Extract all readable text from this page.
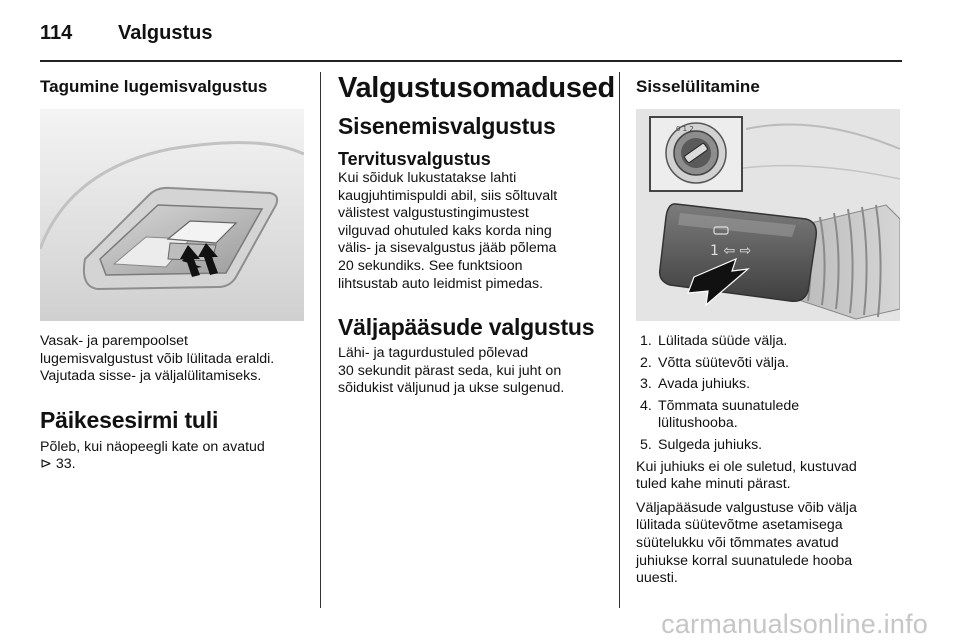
114 Valgustus
Tagumine lugemisvalgustus
Vasak- ja parempoolset
lugemisvalgustust võib lülitada eraldi.
Vajutada sisse- ja väljalülitamiseks.
Päikesesirmi tuli
Põleb, kui näopeegli kate on avatud
⊳ 33.
Valgustusomadused
Sisenemisvalgustus
Tervitusvalgustus
Kui sõiduk lukustatakse lahti
kaugjuhtimispuldi abil, siis sõltuvalt
välistest valgustustingimustest
vilguvad ohutuled kaks korda ning
välis- ja sisevalgustus jääb põlema
20 sekundiks. See funktsioon
lihtsustab auto leidmist pimedas.
Väljapääsude valgustus
Lähi- ja tagurdustuled põlevad
30 sekundit pärast seda, kui juht on
sõidukist väljunud ja ukse sulgenud.
Sisselülitamine
1 ⇦ ⇨
0 1 2
1. Lülitada süüde välja.
2. Võtta süütevõti välja.
3. Avada juhiuks.
4. Tõmmata suunatulede
lülitushooba.
5. Sulgeda juhiuks.
Kui juhiuks ei ole suletud, kustuvad
tuled kahe minuti pärast.
Väljapääsude valgustuse võib välja
lülitada süütevõtme asetamisega
süütelukku või tõmmates avatud
juhiukse korral suunatulede hooba
uuesti.
carmanualsonline.info
